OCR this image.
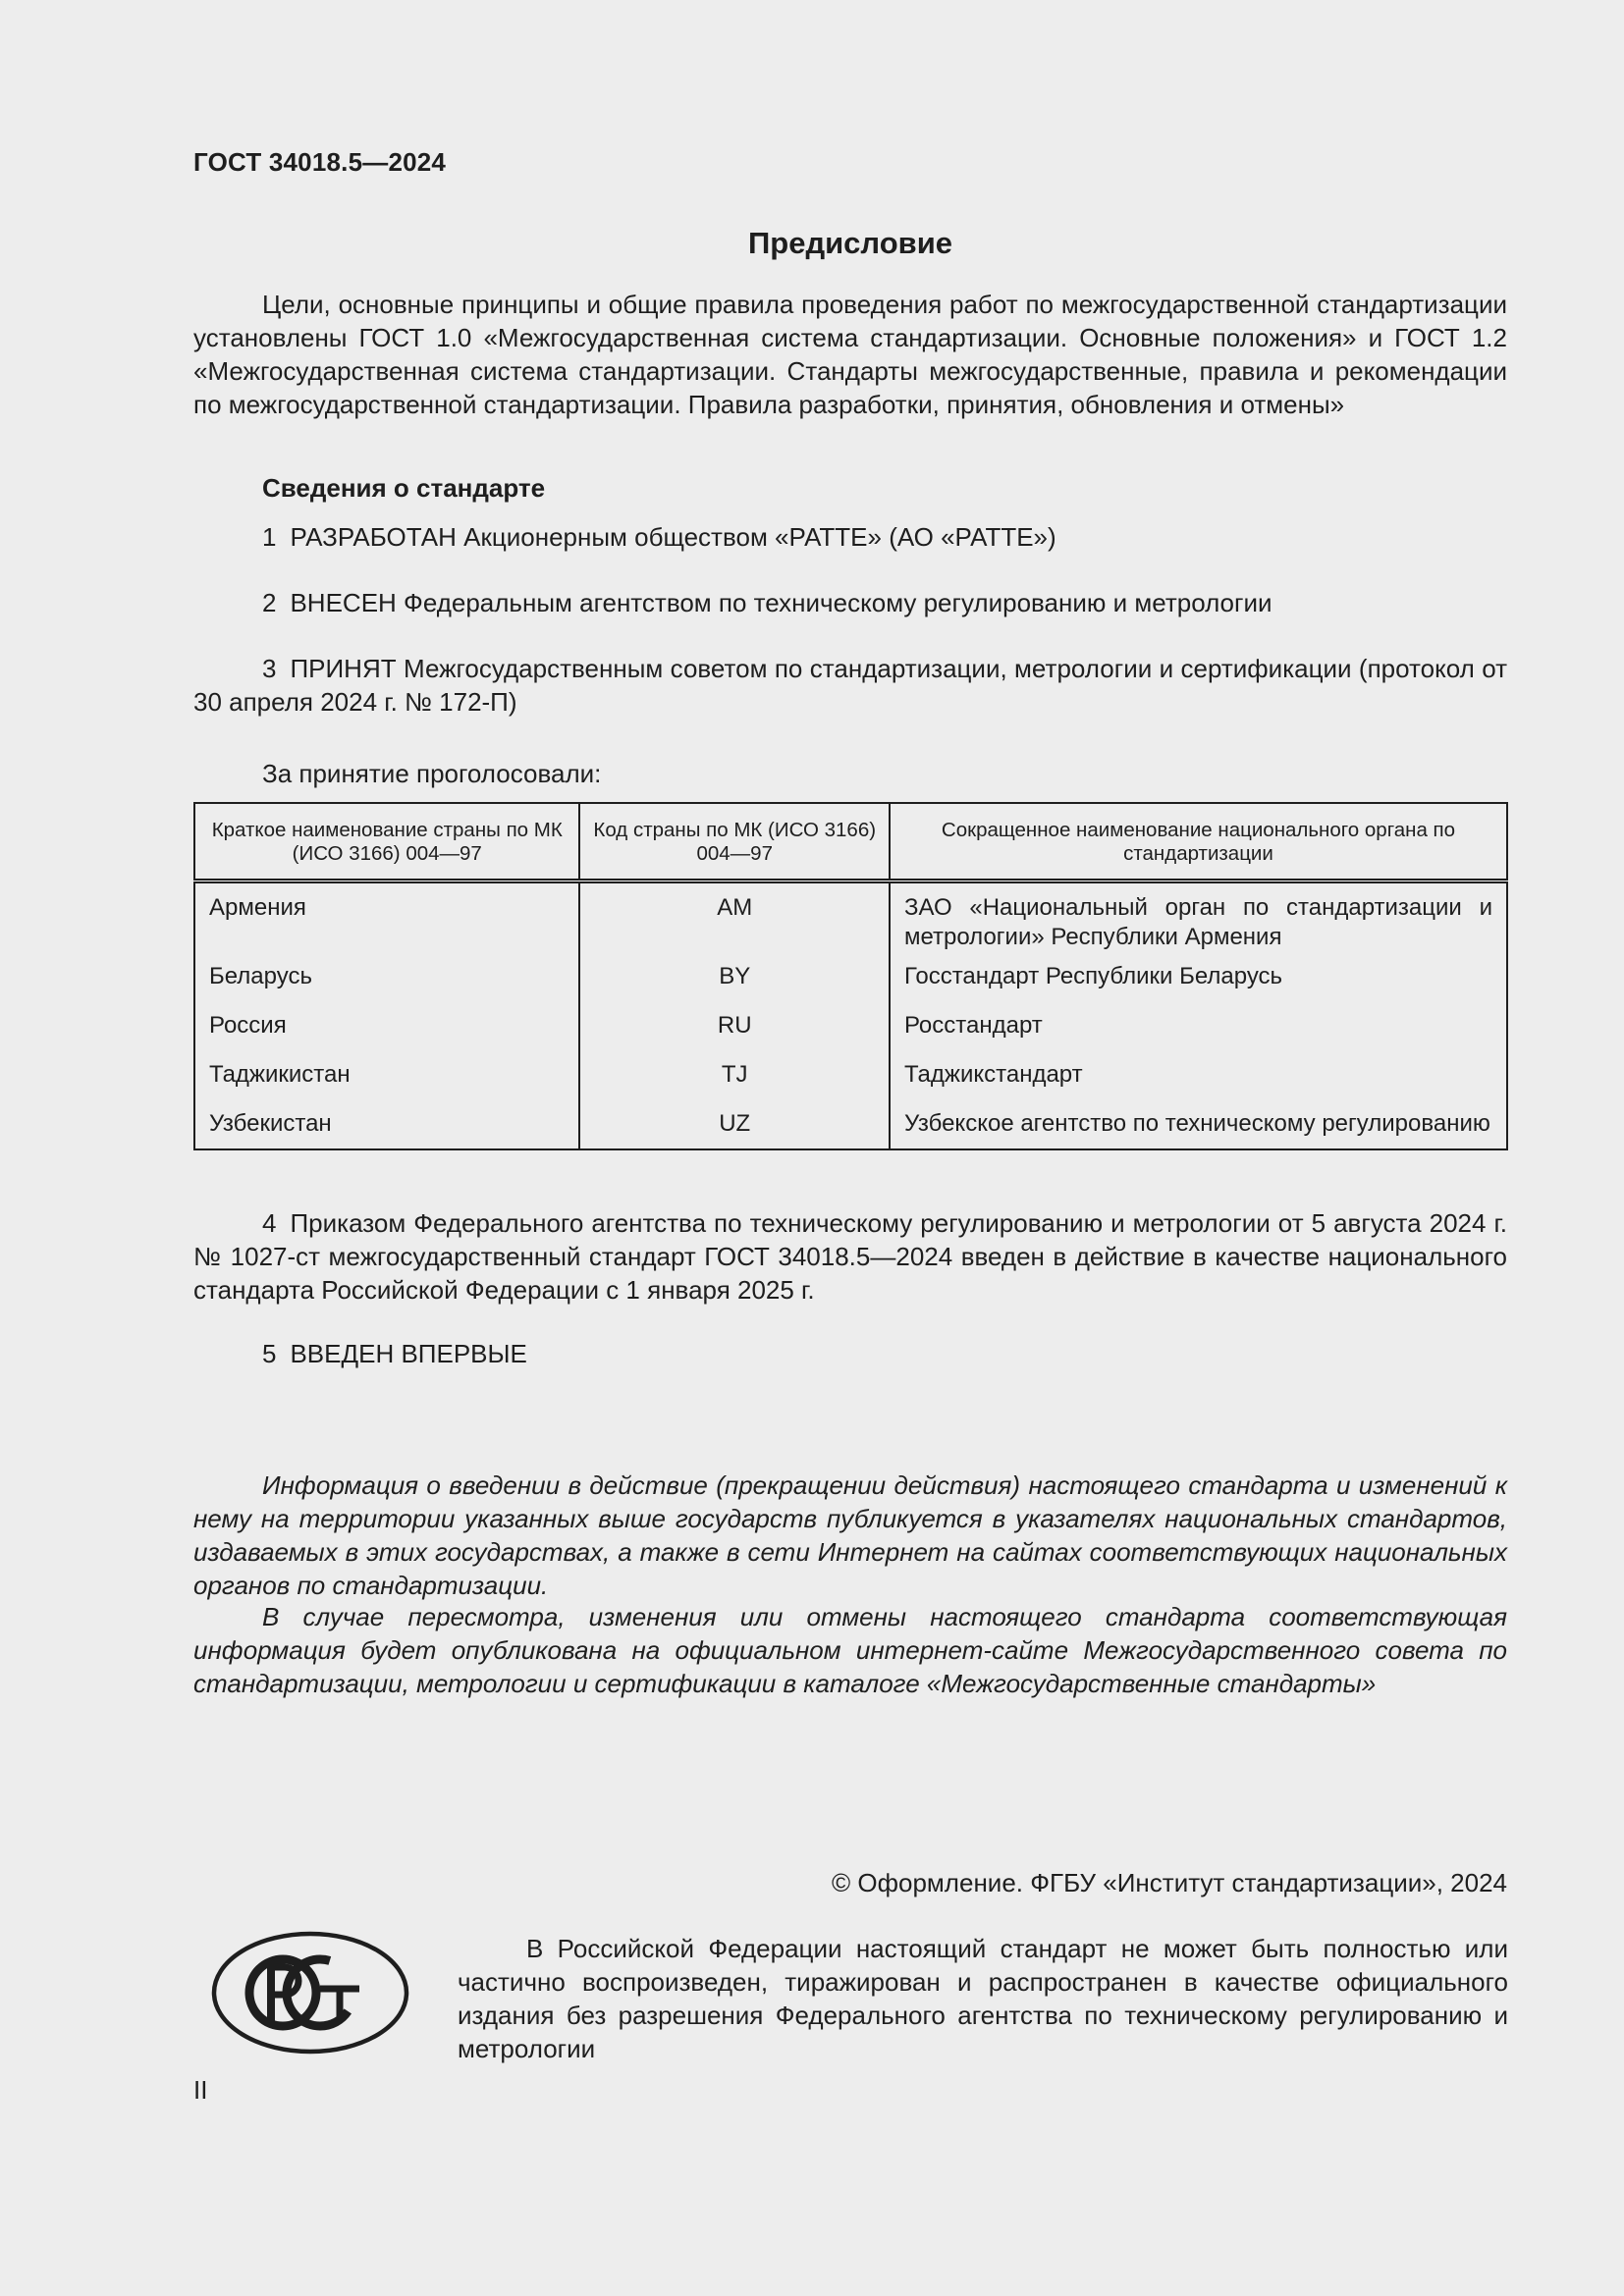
ГОСТ 34018.5—2024
Предисловие
Цели, основные принципы и общие правила проведения работ по межгосударственной стандартизации установлены ГОСТ 1.0 «Межгосударственная система стандартизации. Основные положения» и ГОСТ 1.2 «Межгосударственная система стандартизации. Стандарты межгосударственные, правила и рекомендации по межгосударственной стандартизации. Правила разработки, принятия, обновления и отмены»
Сведения о стандарте
1 РАЗРАБОТАН Акционерным обществом «РАТТЕ» (АО «РАТТЕ»)
2 ВНЕСЕН Федеральным агентством по техническому регулированию и метрологии
3 ПРИНЯТ Межгосударственным советом по стандартизации, метрологии и сертификации (протокол от 30 апреля 2024 г. № 172-П)
За принятие проголосовали:
Краткое наименование страны по МК (ИСО 3166) 004—97	Код страны по МК (ИСО 3166) 004—97	Сокращенное наименование национального органа по стандартизации
Армения	AM	ЗАО «Национальный орган по стандартизации и метрологии» Республики Армения
Беларусь	BY	Госстандарт Республики Беларусь
Россия	RU	Росстандарт
Таджикистан	TJ	Таджикстандарт
Узбекистан	UZ	Узбекское агентство по техническому регулированию
4 Приказом Федерального агентства по техническому регулированию и метрологии от 5 августа 2024 г. № 1027-ст межгосударственный стандарт ГОСТ 34018.5—2024 введен в действие в качестве национального стандарта Российской Федерации с 1 января 2025 г.
5 ВВЕДЕН ВПЕРВЫЕ
Информация о введении в действие (прекращении действия) настоящего стандарта и изменений к нему на территории указанных выше государств публикуется в указателях национальных стандартов, издаваемых в этих государствах, а также в сети Интернет на сайтах соответствующих национальных органов по стандартизации.
В случае пересмотра, изменения или отмены настоящего стандарта соответствующая информация будет опубликована на официальном интернет-сайте Межгосударственного совета по стандартизации, метрологии и сертификации в каталоге «Межгосударственные стандарты»
© Оформление. ФГБУ «Институт стандартизации», 2024
В Российской Федерации настоящий стандарт не может быть полностью или частично воспроизведен, тиражирован и распространен в качестве официального издания без разрешения Федерального агентства по техническому регулированию и метрологии
II
